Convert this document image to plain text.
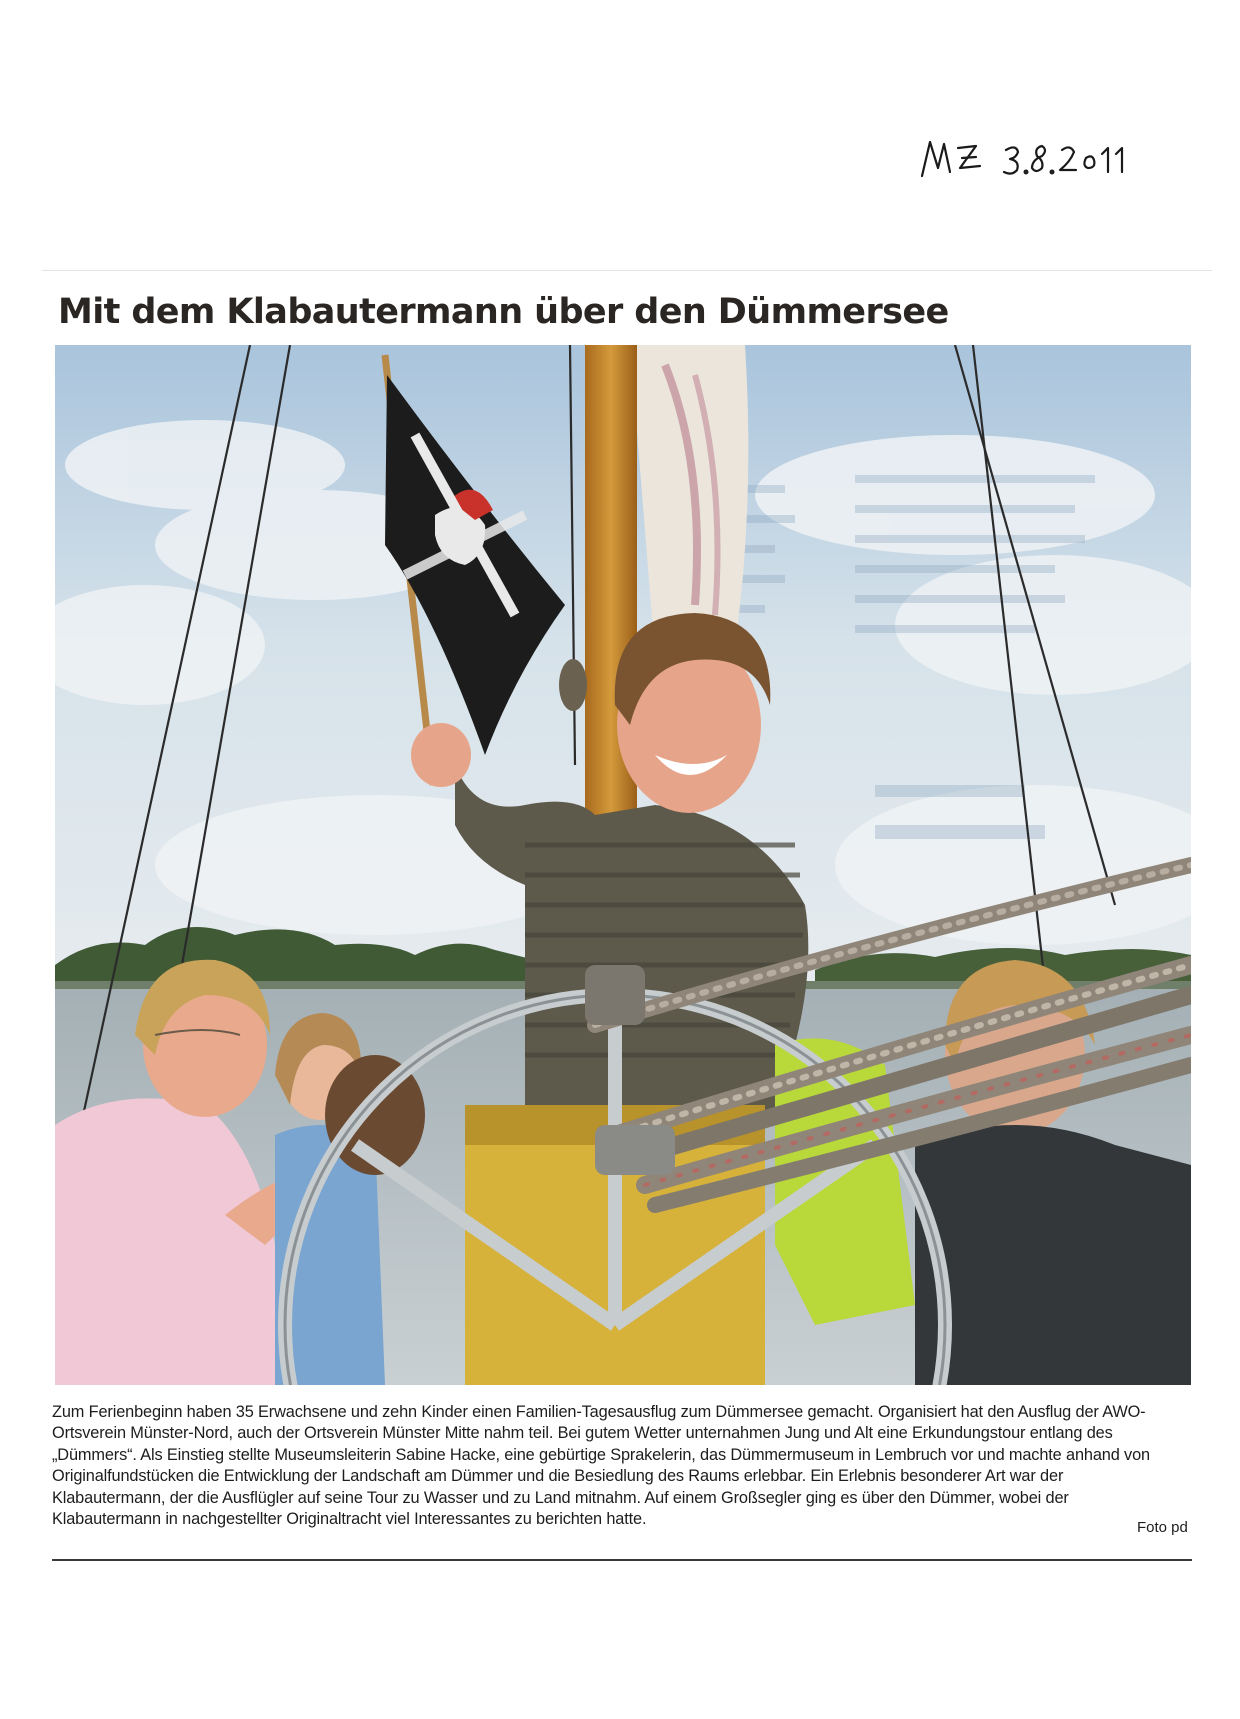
Mit dem Klabautermann über den Dümmersee

Zum Ferienbeginn haben 35 Erwachsene und zehn Kinder einen Familien-Tagesausflug zum Dümmersee gemacht. Organisiert hat den Ausflug der AWO-Ortsverein Münster-Nord, auch der Ortsverein Münster Mitte nahm teil. Bei gutem Wetter unternahmen Jung und Alt eine Erkundungstour entlang des „Dümmers“. Als Einstieg stellte Museumsleiterin Sabine Hacke, eine gebürtige Sprakelerin, das Dümmermuseum in Lembruch vor und machte anhand von Originalfundstücken die Entwicklung der Landschaft am Dümmer und die Besiedlung des Raums erlebbar. Ein Erlebnis besonderer Art war der Klabautermann, der die Ausflügler auf seine Tour zu Wasser und zu Land mitnahm. Auf einem Großsegler ging es über den Dümmer, wobei der Klabautermann in nachgestellter Originaltracht viel Interessantes zu berichten hatte.	Foto pd
